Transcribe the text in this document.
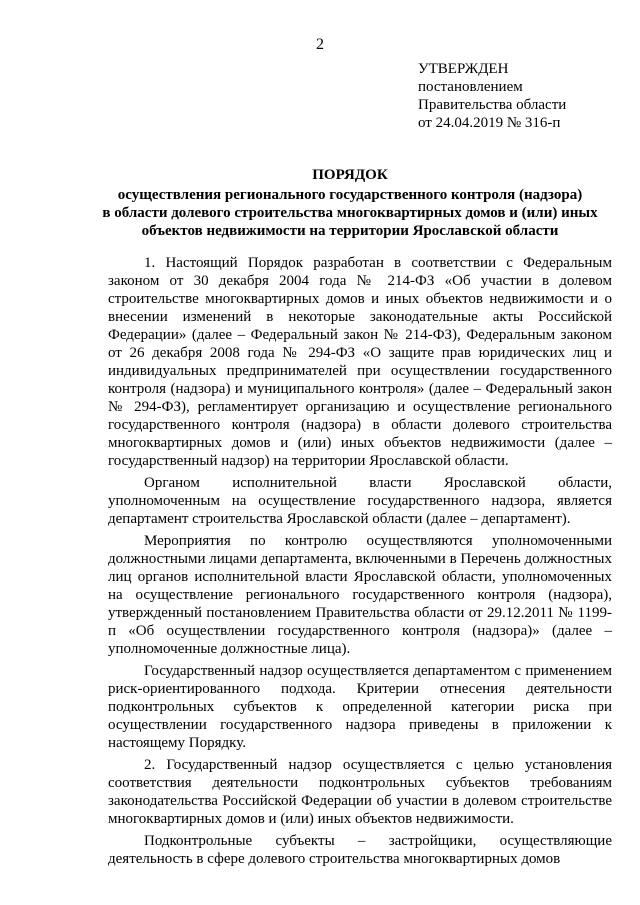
2
УТВЕРЖДЕН
постановлением
Правительства области
от 24.04.2019 № 316-п
ПОРЯДОК
осуществления регионального государственного контроля (надзора)
в области долевого строительства многоквартирных домов и (или) иных
объектов недвижимости на территории Ярославской области

1. Настоящий Порядок разработан в соответствии с Федеральным законом от 30 декабря 2004 года № 214-ФЗ «Об участии в долевом строительстве многоквартирных домов и иных объектов недвижимости и о внесении изменений в некоторые законодательные акты Российской Федерации» (далее – Федеральный закон № 214-ФЗ), Федеральным законом от 26 декабря 2008 года № 294-ФЗ «О защите прав юридических лиц и индивидуальных предпринимателей при осуществлении государственного контроля (надзора) и муниципального контроля» (далее – Федеральный закон № 294-ФЗ), регламентирует организацию и осуществление регионального государственного контроля (надзора) в области долевого строительства многоквартирных домов и (или) иных объектов недвижимости (далее – государственный надзор) на территории Ярославской области.

Органом исполнительной власти Ярославской области, уполномоченным на осуществление государственного надзора, является департамент строительства Ярославской области (далее – департамент).

Мероприятия по контролю осуществляются уполномоченными должностными лицами департамента, включенными в Перечень должностных лиц органов исполнительной власти Ярославской области, уполномоченных на осуществление регионального государственного контроля (надзора), утвержденный постановлением Правительства области от 29.12.2011 № 1199-п «Об осуществлении государственного контроля (надзора)» (далее – уполномоченные должностные лица).

Государственный надзор осуществляется департаментом с применением риск-ориентированного подхода. Критерии отнесения деятельности подконтрольных субъектов к определенной категории риска при осуществлении государственного надзора приведены в приложении к настоящему Порядку.

2. Государственный надзор осуществляется с целью установления соответствия деятельности подконтрольных субъектов требованиям законодательства Российской Федерации об участии в долевом строительстве многоквартирных домов и (или) иных объектов недвижимости.

Подконтрольные субъекты – застройщики, осуществляющие деятельность в сфере долевого строительства многоквартирных домов
